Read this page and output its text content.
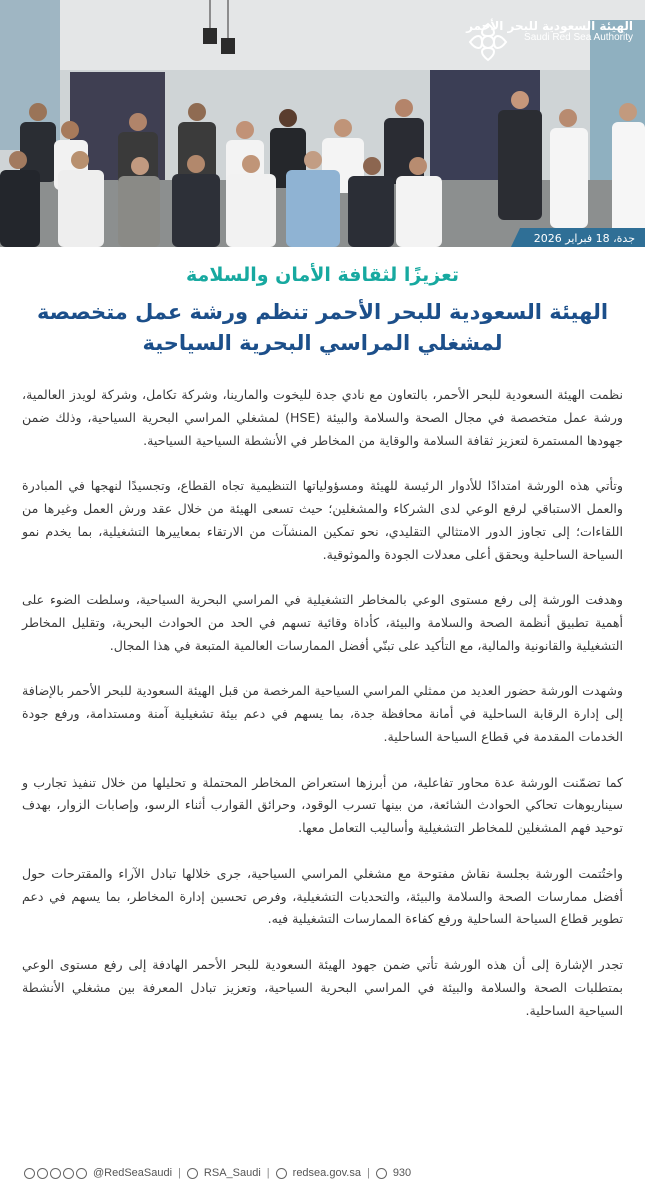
الهيئة السعودية للبحر الأحمر
Saudi Red Sea Authority
جدة، 18 فبراير 2026
تعزيزًا لثقافة الأمان والسلامة
الهيئة السعودية للبحر الأحمر تنظم ورشة عمل متخصصة لمشغلي المراسي البحرية السياحية

نظمت الهيئة السعودية للبحر الأحمر، بالتعاون مع نادي جدة لليخوت والمارينا، وشركة تكامل، وشركة لويدز العالمية، ورشة عمل متخصصة في مجال الصحة والسلامة والبيئة (HSE) لمشغلي المراسي البحرية السياحية، وذلك ضمن جهودها المستمرة لتعزيز ثقافة السلامة والوقاية من المخاطر في الأنشطة السياحية السياحية.

وتأتي هذه الورشة امتدادًا للأدوار الرئيسة للهيئة ومسؤولياتها التنظيمية تجاه القطاع، وتجسيدًا لنهجها في المبادرة والعمل الاستباقي لرفع الوعي لدى الشركاء والمشغلين؛ حيث تسعى الهيئة من خلال عقد ورش العمل وغيرها من اللقاءات؛ إلى تجاوز الدور الامتثالي التقليدي، نحو تمكين المنشآت من الارتقاء بمعاييرها التشغيلية، بما يخدم نمو السياحة الساحلية ويحقق أعلى معدلات الجودة والموثوقية.

وهدفت الورشة إلى رفع مستوى الوعي بالمخاطر التشغيلية في المراسي البحرية السياحية، وسلطت الضوء على أهمية تطبيق أنظمة الصحة والسلامة والبيئة، كأداة وقائية تسهم في الحد من الحوادث البحرية، وتقليل المخاطر التشغيلية والقانونية والمالية، مع التأكيد على تبنّي أفضل الممارسات العالمية المتبعة في هذا المجال.

وشهدت الورشة حضور العديد من ممثلي المراسي السياحية المرخصة من قبل الهيئة السعودية للبحر الأحمر بالإضافة إلى إدارة الرقابة الساحلية في أمانة محافظة جدة، بما يسهم في دعم بيئة تشغيلية آمنة ومستدامة، ورفع جودة الخدمات المقدمة في قطاع السياحة الساحلية.

كما تضمّنت الورشة عدة محاور تفاعلية، من أبرزها استعراض المخاطر المحتملة و تحليلها من خلال تنفيذ تجارب و سيناريوهات تحاكي الحوادث الشائعة، من بينها تسرب الوقود، وحرائق القوارب أثناء الرسو، وإصابات الزوار، بهدف توحيد فهم المشغلين للمخاطر التشغيلية وأساليب التعامل معها.

واختُتمت الورشة بجلسة نقاش مفتوحة مع مشغلي المراسي السياحية، جرى خلالها تبادل الآراء والمقترحات حول أفضل ممارسات الصحة والسلامة والبيئة، والتحديات التشغيلية، وفرص تحسين إدارة المخاطر، بما يسهم في دعم تطوير قطاع السياحة الساحلية ورفع كفاءة الممارسات التشغيلية فيه.

تجدر الإشارة إلى أن هذه الورشة تأتي ضمن جهود الهيئة السعودية للبحر الأحمر الهادفة إلى رفع مستوى الوعي بمتطلبات الصحة والسلامة والبيئة في المراسي البحرية السياحية، وتعزيز تبادل المعرفة بين مشغلي الأنشطة السياحية الساحلية.

@RedSeaSaudi | RSA_Saudi | redsea.gov.sa | 930
